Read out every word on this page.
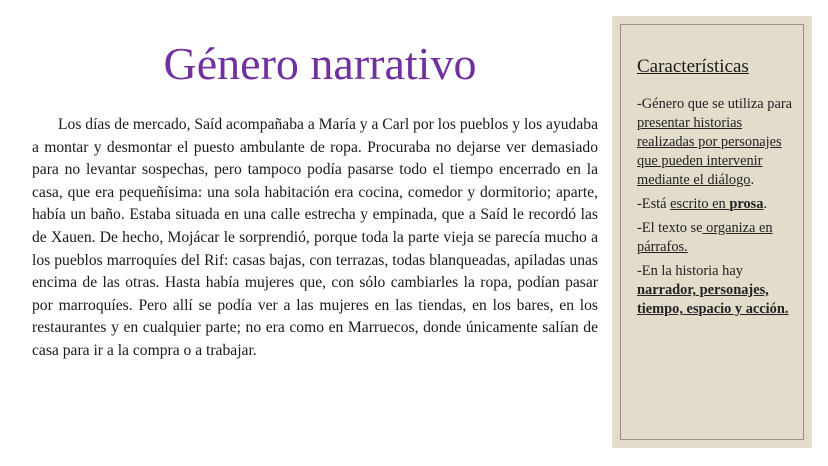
Género narrativo

Los días de mercado, Saíd acompañaba a María y a Carl por los pueblos y los ayudaba a montar y desmontar el puesto ambulante de ropa. Procuraba no dejarse ver demasiado para no levantar sospechas, pero tampoco podía pasarse todo el tiempo encerrado en la casa, que era pequeñísima: una sola habitación era cocina, comedor y dormitorio; aparte, había un baño. Estaba situada en una calle estrecha y empinada, que a Saíd le recordó las de Xauen. De hecho, Mojácar le sorprendió, porque toda la parte vieja se parecía mucho a los pueblos marroquíes del Rif: casas bajas, con terrazas, todas blanqueadas, apiladas unas encima de las otras. Hasta había mujeres que, con sólo cambiarles la ropa, podían pasar por marroquíes. Pero allí se podía ver a las mujeres en las tiendas, en los bares, en los restaurantes y en cualquier parte; no era como en Marruecos, donde únicamente salían de casa para ir a la compra o a trabajar.

Características

-Género que se utiliza para presentar historias realizadas por personajes que pueden intervenir mediante el diálogo.

-Está escrito en prosa.

-El texto se organiza en párrafos.

-En la historia hay narrador, personajes, tiempo, espacio y acción.
